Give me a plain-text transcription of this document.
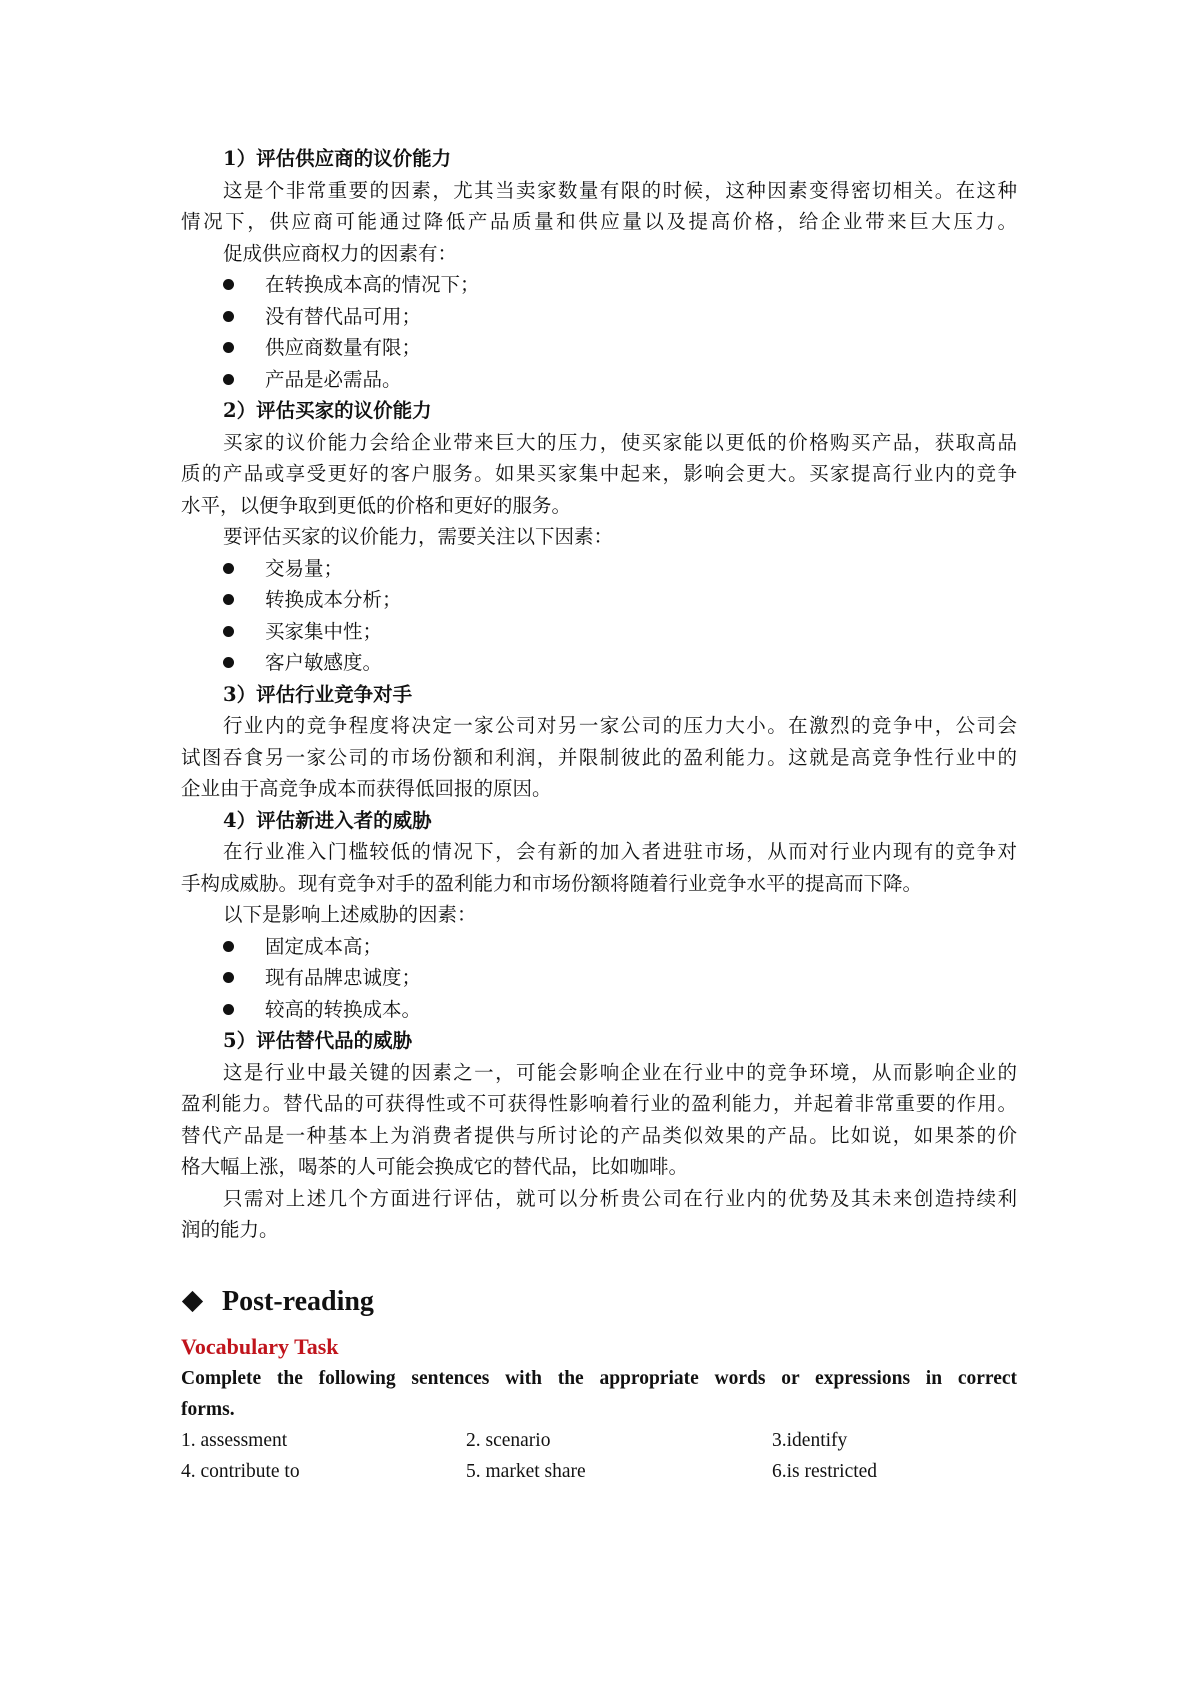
1）评估供应商的议价能力
这是个非常重要的因素，尤其当卖家数量有限的时候，这种因素变得密切相关。在这种
情况下，供应商可能通过降低产品质量和供应量以及提高价格，给企业带来巨大压力。
促成供应商权力的因素有：
在转换成本高的情况下；
没有替代品可用；
供应商数量有限；
产品是必需品。
2）评估买家的议价能力
买家的议价能力会给企业带来巨大的压力，使买家能以更低的价格购买产品，获取高品
质的产品或享受更好的客户服务。如果买家集中起来，影响会更大。买家提高行业内的竞争
水平，以便争取到更低的价格和更好的服务。
要评估买家的议价能力，需要关注以下因素：
交易量；
转换成本分析；
买家集中性；
客户敏感度。
3）评估行业竞争对手
行业内的竞争程度将决定一家公司对另一家公司的压力大小。在激烈的竞争中，公司会
试图吞食另一家公司的市场份额和利润，并限制彼此的盈利能力。这就是高竞争性行业中的
企业由于高竞争成本而获得低回报的原因。
4）评估新进入者的威胁
在行业准入门槛较低的情况下，会有新的加入者进驻市场，从而对行业内现有的竞争对
手构成威胁。现有竞争对手的盈利能力和市场份额将随着行业竞争水平的提高而下降。
以下是影响上述威胁的因素：
固定成本高；
现有品牌忠诚度；
较高的转换成本。
5）评估替代品的威胁
这是行业中最关键的因素之一，可能会影响企业在行业中的竞争环境，从而影响企业的
盈利能力。替代品的可获得性或不可获得性影响着行业的盈利能力，并起着非常重要的作用。
替代产品是一种基本上为消费者提供与所讨论的产品类似效果的产品。比如说，如果茶的价
格大幅上涨，喝茶的人可能会换成它的替代品，比如咖啡。
只需对上述几个方面进行评估，就可以分析贵公司在行业内的优势及其未来创造持续利
润的能力。
Post-reading
Vocabulary Task
Complete the following sentences with the appropriate words or expressions in correct
forms.
1. assessment	2. scenario	3.identify
4. contribute to	5. market share	6.is restricted
